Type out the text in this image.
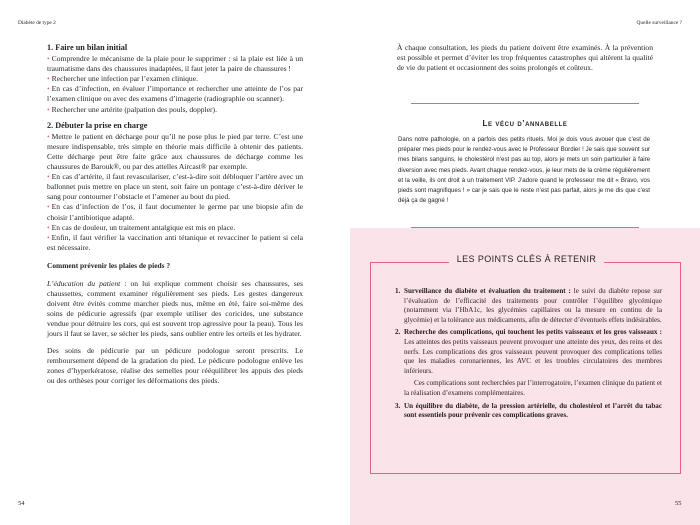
Diabète de type 2
54

1. Faire un bilan initial

• Comprendre le mécanisme de la plaie pour le supprimer : si la plaie est liée à un traumatisme dans des chaussures inadaptées, il faut jeter la paire de chaussures !

• Rechercher une infection par l’examen clinique.

• En cas d’infection, en évaluer l’importance et rechercher une atteinte de l’os par l’examen clinique ou avec des examens d’imagerie (radiographie ou scanner).

• Rechercher une artérite (palpation des pouls, doppler).

2. Débuter la prise en charge

• Mettre le patient en décharge pour qu’il ne pose plus le pied par terre. C’est une mesure indispensable, très simple en théorie mais difficile à obtenir des patients. Cette décharge peut être faite grâce aux chaussures de décharge comme les chaussures de Barouk®, ou par des attelles Aircast® par exemple.

• En cas d’artérite, il faut revasculariser, c’est-à-dire soit débloquer l’artère avec un ballonnet puis mettre en place un stent, soit faire un pontage c’est-à-dire dériver le sang pour contourner l’obstacle et l’amener au bout du pied.

• En cas d’infection de l’os, il faut documenter le germe par une biopsie afin de choisir l’antibiotique adapté.

• En cas de douleur, un traitement antalgique est mis en place.

• Enfin, il faut vérifier la vaccination anti tétanique et revacciner le patient si cela est nécessaire.

Comment prévenir les plaies de pieds ?

L’éducation du patient : on lui explique comment choisir ses chaussures, ses chaussettes, comment examiner régulièrement ses pieds. Les gestes dangereux doivent être évités comme marcher pieds nus, même en été, faire soi-même des soins de pédicurie agressifs (par exemple utiliser des coricides, une substance vendue pour détruire les cors, qui est souvent trop agressive pour la peau). Tous les jours il faut se laver, se sécher les pieds, sans oublier entre les orteils et les hydrater.

Des soins de pédicurie par un pédicure podologue seront prescrits. Le remboursement dépend de la gradation du pied. Le pédicure podologue enlève les zones d’hyperkératose, réalise des semelles pour rééquilibrer les appuis des pieds ou des orthèses pour corriger les déformations des pieds.

Quelle surveillance ?
55
À chaque consultation, les pieds du patient doivent être examinés. À la prévention est possible et permet d’éviter les trop fréquentes catastrophes qui altèrent la qualité de vie du patient et occasionnent des soins prolongés et coûteux.
Le vécu d’annabelle
Dans notre pathologie, on a parfois des petits rituels. Moi je dois vous avouer que c’est de préparer mes pieds pour le rendez-vous avec le Professeur Bordier ! Je sais que souvent sur mes bilans sanguins, le cholestérol n’est pas au top, alors je mets un soin particulier à faire diversion avec mes pieds. Avant chaque rendez-vous, je leur mets de la crème régulièrement et la veille, ils ont droit à un traitement VIP. J’adore quand le professeur me dit « Bravo, vos pieds sont magnifiques ! » car je sais que le reste n’est pas parfait, alors je me dis que c’est déjà ça de gagné !
LES POINTS CLÉS À RETENIR
1. Surveillance du diabète et évaluation du traitement : le suivi du diabète repose sur l’évaluation de l’efficacité des traitements pour contrôler l’équilibre glycémique (notamment via l’HbA1c, les glycémies capillaires ou la mesure en continu de la glycémie) et la tolérance aux médicaments, afin de détecter d’éventuels effets indésirables.
2. Recherche des complications, qui touchent les petits vaisseaux et les gros vaisseaux : Les atteintes des petits vaisseaux peuvent provoquer une atteinte des yeux, des reins et des nerfs. Les complications des gros vaisseaux peuvent provoquer des complications telles que les maladies coronariennes, les AVC et les troubles circulatoires des membres inférieurs.
Ces complications sont recherchées par l’interrogatoire, l’examen clinique du patient et la réalisation d’examens complémentaires.
3. Un équilibre du diabète, de la pression artérielle, du cholestérol et l’arrêt du tabac sont essentiels pour prévenir ces complications graves.
